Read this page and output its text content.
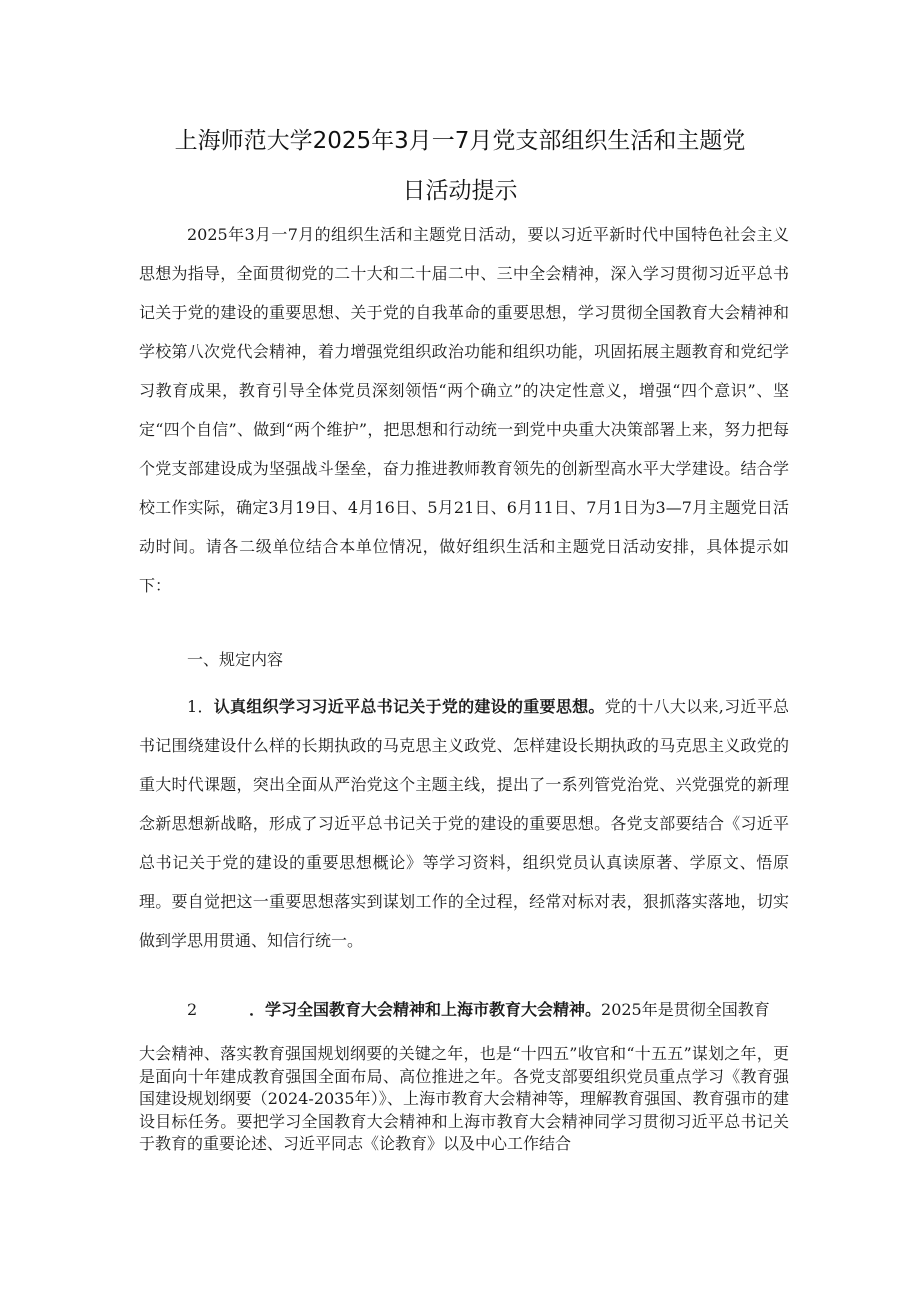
上海师范大学2025年3月一7月党支部组织生活和主题党
日活动提示

2025年3月一7月的组织生活和主题党日活动，要以习近平新时代中国特色社会主义思想为指导，全面贯彻党的二十大和二十届二中、三中全会精神，深入学习贯彻习近平总书记关于党的建设的重要思想、关于党的自我革命的重要思想，学习贯彻全国教育大会精神和学校第八次党代会精神，着力增强党组织政治功能和组织功能，巩固拓展主题教育和党纪学习教育成果，教育引导全体党员深刻领悟“两个确立”的决定性意义，增强“四个意识”、坚定“四个自信”、做到“两个维护”，把思想和行动统一到党中央重大决策部署上来，努力把每个党支部建设成为坚强战斗堡垒，奋力推进教师教育领先的创新型高水平大学建设。结合学校工作实际，确定3月19日、4月16日、5月21日、6月11日、7月1日为3—7月主题党日活动时间。请各二级单位结合本单位情况，做好组织生活和主题党日活动安排，具体提示如下：

一、规定内容

1．认真组织学习习近平总书记关于党的建设的重要思想。党的十八大以来,习近平总书记围绕建设什么样的长期执政的马克思主义政党、怎样建设长期执政的马克思主义政党的重大时代课题，突出全面从严治党这个主题主线，提出了一系列管党治党、兴党强党的新理念新思想新战略，形成了习近平总书记关于党的建设的重要思想。各党支部要结合《习近平总书记关于党的建设的重要思想概论》等学习资料，组织党员认真读原著、学原文、悟原理。要自觉把这一重要思想落实到谋划工作的全过程，经常对标对表，狠抓落实落地，切实做到学思用贯通、知信行统一。

2	．学习全国教育大会精神和上海市教育大会精神。2025年是贯彻全国教育

大会精神、落实教育强国规划纲要的关键之年，也是“十四五”收官和“十五五”谋划之年，更是面向十年建成教育强国全面布局、高位推进之年。各党支部要组织党员重点学习《教育强国建设规划纲要（2024-2035年）》、上海市教育大会精神等，理解教育强国、教育强市的建设目标任务。要把学习全国教育大会精神和上海市教育大会精神同学习贯彻习近平总书记关于教育的重要论述、习近平同志《论教育》以及中心工作结合
